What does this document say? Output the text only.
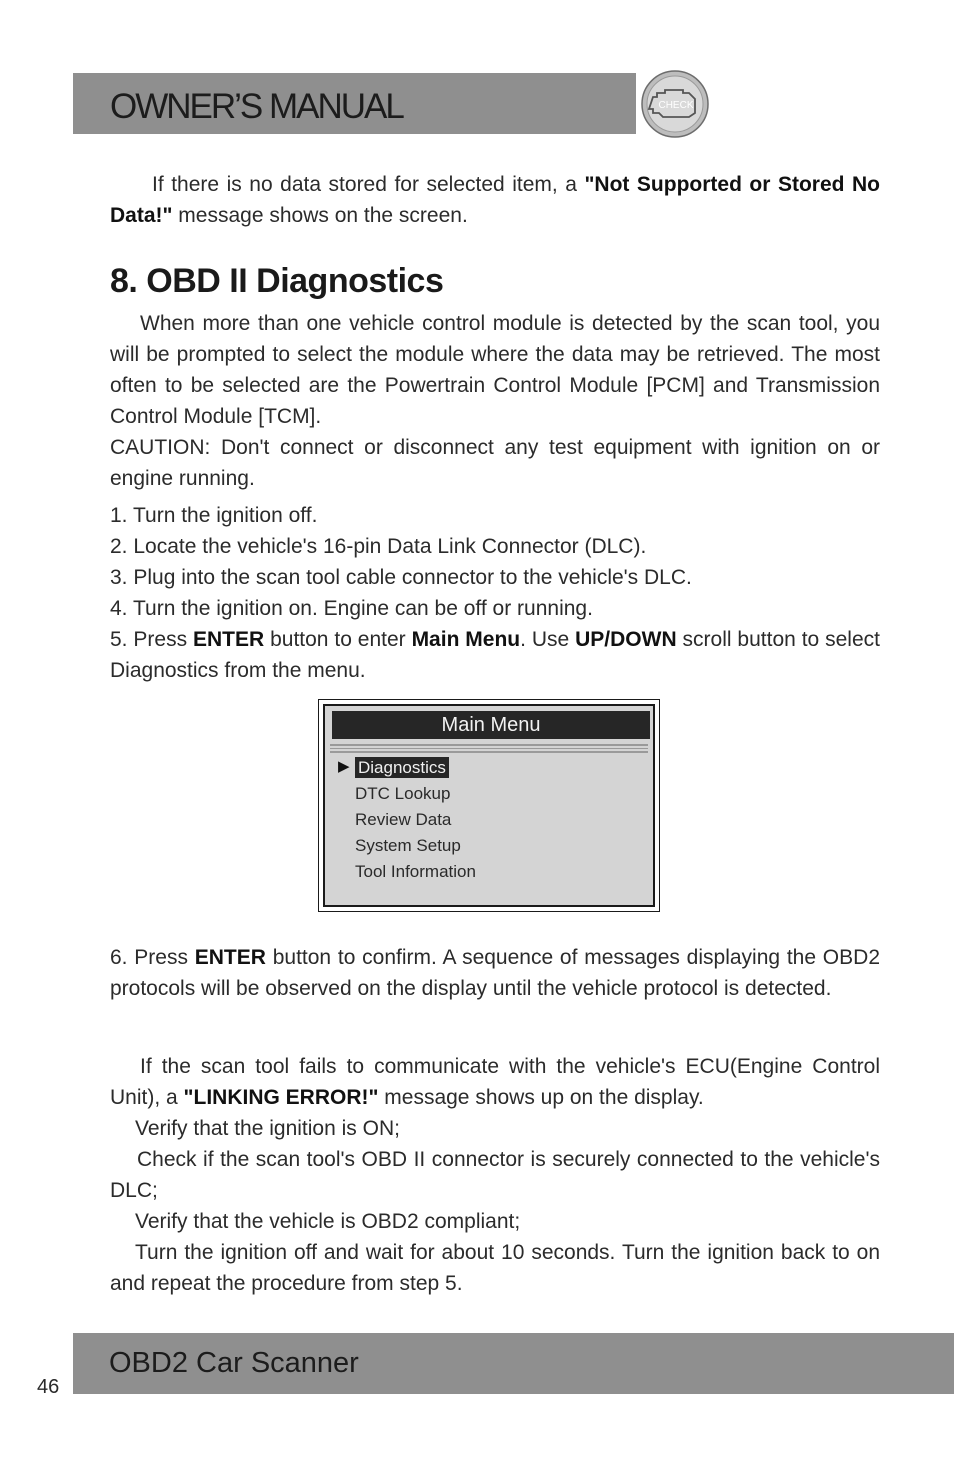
OWNER’S MANUAL	CHECK

If there is no data stored for selected item, a "Not Supported or Stored No Data!" message shows on the screen.

8. OBD II Diagnostics

When more than one vehicle control module is detected by the scan tool, you will be prompted to select the module where the data may be retrieved. The most often to be selected are the Powertrain Control Module [PCM] and Transmission Control Module [TCM].

CAUTION: Don't connect or disconnect any test equipment with ignition on or engine running.

1. Turn the ignition off.

2. Locate the vehicle's 16-pin Data Link Connector (DLC).

3. Plug into the scan tool cable connector to the vehicle's DLC.

4. Turn the ignition on. Engine can be off or running.

5. Press ENTER button to enter Main Menu. Use UP/DOWN scroll button to select Diagnostics from the menu.

Main Menu
▶ Diagnostics
DTC Lookup
Review Data
System Setup
Tool Information

6. Press ENTER button to confirm. A sequence of messages displaying the OBD2 protocols will be observed on the display until the vehicle protocol is detected.

If the scan tool fails to communicate with the vehicle's ECU(Engine Control Unit), a "LINKING ERROR!" message shows up on the display.

Verify that the ignition is ON;

Check if the scan tool's OBD II connector is securely connected to the vehicle's DLC;

Verify that the vehicle is OBD2 compliant;

Turn the ignition off and wait for about 10 seconds. Turn the ignition back to on and repeat the procedure from step 5.

OBD2 Car Scanner
46
